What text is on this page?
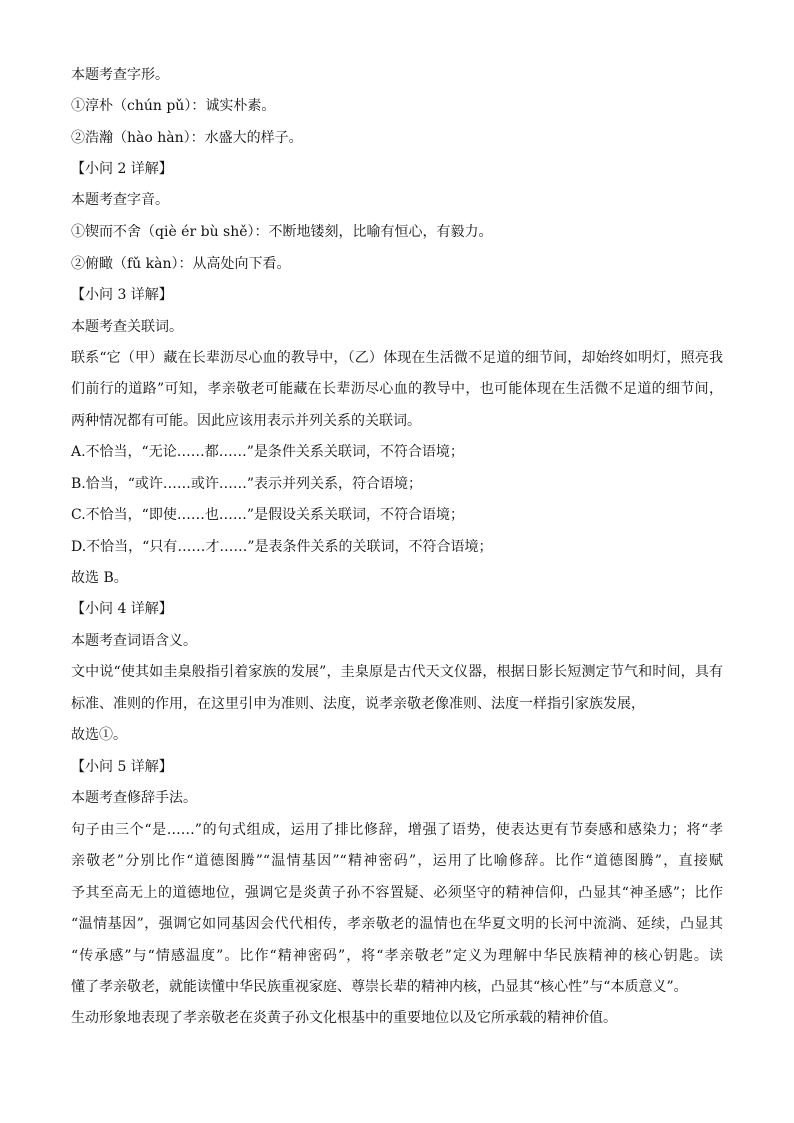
本题考查字形。
①淳朴（chún pǔ）：诚实朴素。
②浩瀚（hào hàn）：水盛大的样子。
【小问 2 详解】
本题考查字音。
①锲而不舍（qiè ér bù shě）：不断地镂刻，比喻有恒心，有毅力。
②俯瞰（fǔ kàn）：从高处向下看。
【小问 3 详解】
本题考查关联词。
联系“它（甲）藏在长辈沥尽心血的教导中，（乙）体现在生活微不足道的细节间，却始终如明灯，照亮我
们前行的道路”可知，孝亲敬老可能藏在长辈沥尽心血的教导中，也可能体现在生活微不足道的细节间，
两种情况都有可能。因此应该用表示并列关系的关联词。
A.不恰当，“无论……都……”是条件关系关联词，不符合语境；
B.恰当，“或许……或许……”表示并列关系，符合语境；
C.不恰当，“即使……也……”是假设关系关联词，不符合语境；
D.不恰当，“只有……才……”是表条件关系的关联词，不符合语境；
故选 B。
【小问 4 详解】
本题考查词语含义。
文中说“使其如圭臬般指引着家族的发展”，圭臬原是古代天文仪器，根据日影长短测定节气和时间，具有
标准、准则的作用，在这里引申为准则、法度，说孝亲敬老像准则、法度一样指引家族发展，
故选①。
【小问 5 详解】
本题考查修辞手法。
句子由三个“是……”的句式组成，运用了排比修辞，增强了语势，使表达更有节奏感和感染力；将“孝
亲敬老”分别比作“道德图腾”“温情基因”“精神密码”，运用了比喻修辞。比作“道德图腾”，直接赋
予其至高无上的道德地位，强调它是炎黄子孙不容置疑、必须坚守的精神信仰，凸显其“神圣感”；比作
“温情基因”，强调它如同基因会代代相传，孝亲敬老的温情也在华夏文明的长河中流淌、延续，凸显其
“传承感”与“情感温度”。比作“精神密码”，将“孝亲敬老”定义为理解中华民族精神的核心钥匙。读
懂了孝亲敬老，就能读懂中华民族重视家庭、尊崇长辈的精神内核，凸显其“核心性”与“本质意义”。
生动形象地表现了孝亲敬老在炎黄子孙文化根基中的重要地位以及它所承载的精神价值。
